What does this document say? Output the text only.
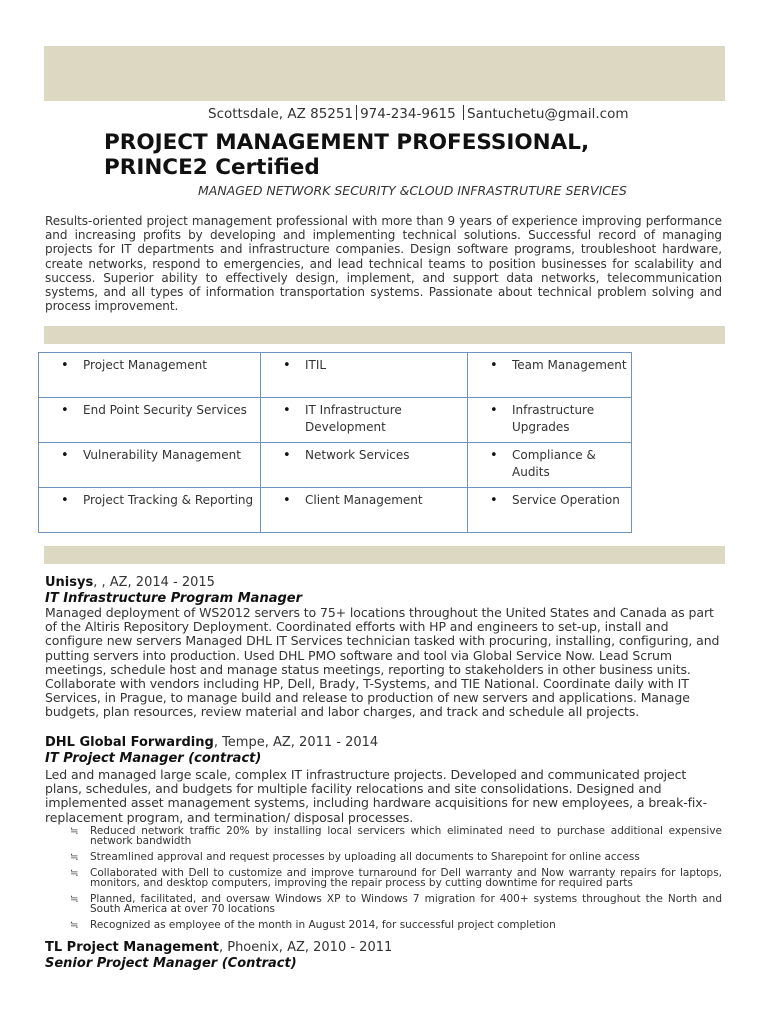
Scottsdale, AZ 85251 974-234-9615 Santuchetu@gmail.com
PROJECT MANAGEMENT PROFESSIONAL,
PRINCE2 Certified
MANAGED NETWORK SECURITY &CLOUD INFRASTRUTURE SERVICES
Results-oriented project management professional with more than 9 years of experience improving performance and increasing profits by developing and implementing technical solutions. Successful record of managing projects for IT departments and infrastructure companies. Design software programs, troubleshoot hardware, create networks, respond to emergencies, and lead technical teams to position businesses for scalability and success. Superior ability to effectively design, implement, and support data networks, telecommunication systems, and all types of information transportation systems. Passionate about technical problem solving and process improvement.
• Project Management	• ITIL	• Team Management

• End Point Security Services	• IT Infrastructure Development	• Infrastructure Upgrades

• Vulnerability Management	• Network Services	• Compliance & Audits

• Project Tracking & Reporting	• Client Management	• Service Operation
Unisys, , AZ, 2014 - 2015
IT Infrastructure Program Manager
Managed deployment of WS2012 servers to 75+ locations throughout the United States and Canada as part of the Altiris Repository Deployment. Coordinated efforts with HP and engineers to set-up, install and configure new servers Managed DHL IT Services technician tasked with procuring, installing, configuring, and putting servers into production. Used DHL PMO software and tool via Global Service Now. Lead Scrum meetings, schedule host and manage status meetings, reporting to stakeholders in other business units. Collaborate with vendors including HP, Dell, Brady, T-Systems, and TIE National. Coordinate daily with IT Services, in Prague, to manage build and release to production of new servers and applications. Manage budgets, plan resources, review material and labor charges, and track and schedule all projects.
DHL Global Forwarding, Tempe, AZ, 2011 - 2014
IT Project Manager (contract)
Led and managed large scale, complex IT infrastructure projects. Developed and communicated project plans, schedules, and budgets for multiple facility relocations and site consolidations. Designed and implemented asset management systems, including hardware acquisitions for new employees, a break-fix-replacement program, and termination/ disposal processes.
≒ Reduced network traffic 20% by installing local servicers which eliminated need to purchase additional expensive network bandwidth
≒ Streamlined approval and request processes by uploading all documents to Sharepoint for online access
≒ Collaborated with Dell to customize and improve turnaround for Dell warranty and Now warranty repairs for laptops, monitors, and desktop computers, improving the repair process by cutting downtime for required parts
≒ Planned, facilitated, and oversaw Windows XP to Windows 7 migration for 400+ systems throughout the North and South America at over 70 locations
≒ Recognized as employee of the month in August 2014, for successful project completion
TL Project Management, Phoenix, AZ, 2010 - 2011
Senior Project Manager (Contract)
